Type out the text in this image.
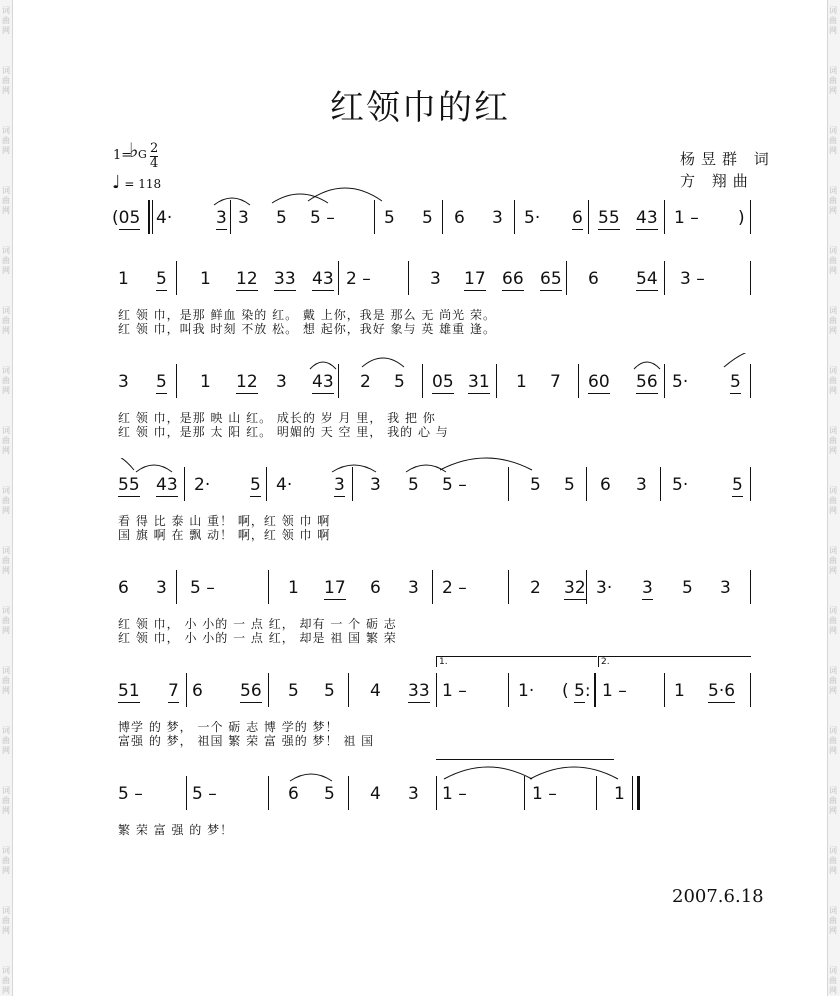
词
曲
网
词
曲
网
词
曲
网
词
曲
网
词
曲
网
词
曲
网
词
曲
网
词
曲
网
词
曲
网
词
曲
网
词
曲
网
词
曲
网
词
曲
网
词
曲
网
词
曲
网
词
曲
网
词
曲
网
词
曲
网
词
曲
网
词
曲
网
词
曲
网
词
曲
网
词
曲
网
词
曲
网
词
曲
网
词
曲
网
词
曲
网
词
曲
网
词
曲
网
词
曲
网
词
曲
网
词
曲
网
词
曲
网
词
曲
网
红领巾的红
1=
♭ G 2
4
♩ = 118
杨昱群 词
方 翔曲
(05 4·	3 3 5 5 –	5 5 6 3 5· 6 55 43 1 – )
1 5 1 12 33 43 2 –	3 17 66 65 6 54 3 –
红 领 巾，是那 鲜血 染的 红。 戴 上你，我是 那么 无 尚光 荣。
红 领 巾，叫我 时刻 不放 松。 想 起你，我好 象与 英 雄重 逢。
3 5 1 12 3 43 2 5 05 31 1 7 60 56 5· 5
红 领 巾，是那 映 山 红。 成长的 岁 月 里， 我 把 你
红 领 巾，是那 太 阳 红。 明媚的 天 空 里， 我的 心 与
55 43 2· 5 4· 3 3 5 5 –	5 5 6 3 5·	5
看 得 比 泰 山 重！ 啊，红 领 巾 啊
国 旗 啊 在 飘 动！ 啊，红 领 巾 啊
6 3 5 –	1 17 6 3 2 –	2 32 3· 3 5 3
红 领 巾， 小 小的 一 点 红， 却有 一 个 砺 志
红 领 巾， 小 小的 一 点 红， 却是 祖 国 繁 荣
1.	2.
51 7 6 56 5 5 4 33 1 –	1· ( 5: 1 –	1 5·6
博学 的 梦， 一个 砺 志 博 学的 梦！
富强 的 梦， 祖国 繁 荣 富 强的 梦！ 祖 国
5 –	5 –	6 5 4 3 1 –	1 –	1
繁 荣 富 强 的 梦！
2007.6.18
